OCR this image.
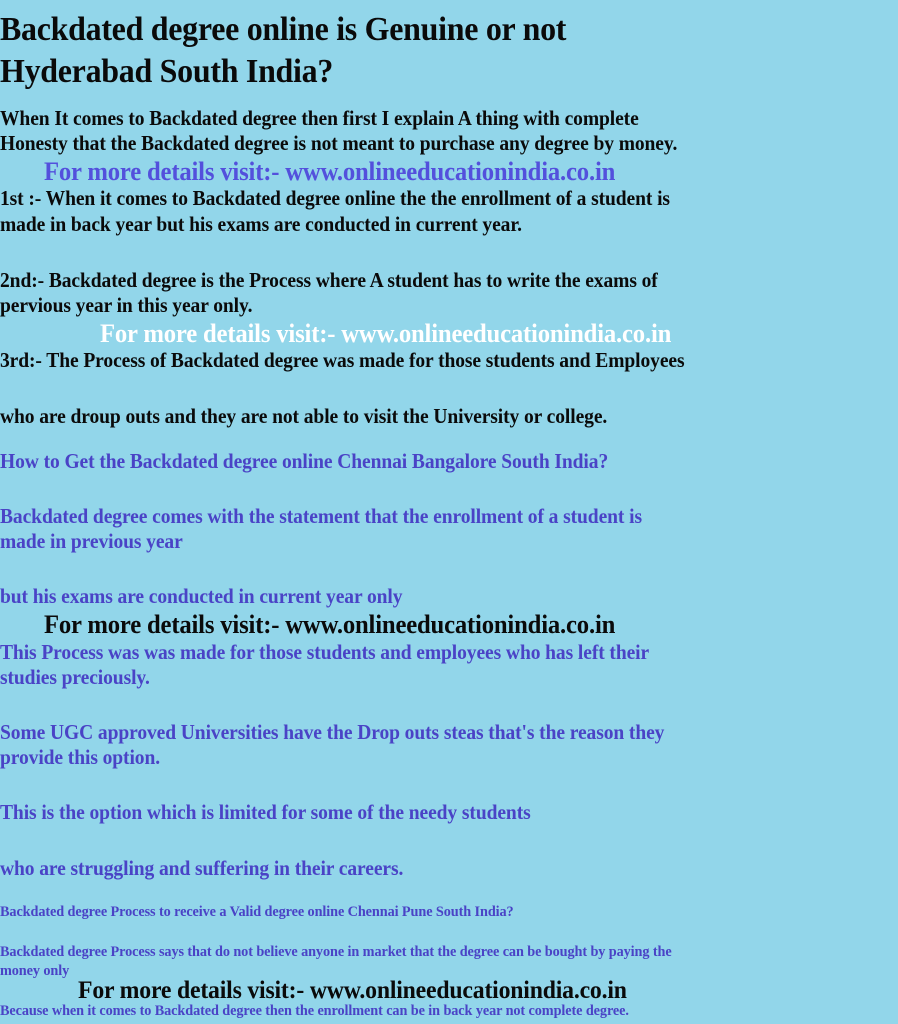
Backdated degree online is Genuine or not
Hyderabad South India?
When It comes to Backdated degree then first I explain A thing with complete
Honesty that the Backdated degree is not meant to purchase any degree by money.
For more details visit:- www.onlineeducationindia.co.in
1st :- When it comes to Backdated degree online the the enrollment of a student is
made in back year but his exams are conducted in current year.
2nd:- Backdated degree is the Process where A student has to write the exams of
pervious year in this year only.
For more details visit:- www.onlineeducationindia.co.in
3rd:- The Process of Backdated degree was made for those students and Employees
who are droup outs and they are not able to visit the University or college.
How to Get the Backdated degree online Chennai Bangalore South India?
Backdated degree comes with the statement that the enrollment of a student is
made in previous year
but his exams are conducted in current year only
For more details visit:- www.onlineeducationindia.co.in
This Process was was made for those students and employees who has left their
studies preciously.
Some UGC approved Universities have the Drop outs steas that's the reason they
provide this option.
This is the option which is limited for some of the needy students
who are struggling and suffering in their careers.
Backdated degree Process to receive a Valid degree online Chennai Pune South India?
Backdated degree Process says that do not believe anyone in market that the degree can be bought by paying the
money only
For more details visit:- www.onlineeducationindia.co.in
Because when it comes to Backdated degree then the enrollment can be in back year not complete degree.
